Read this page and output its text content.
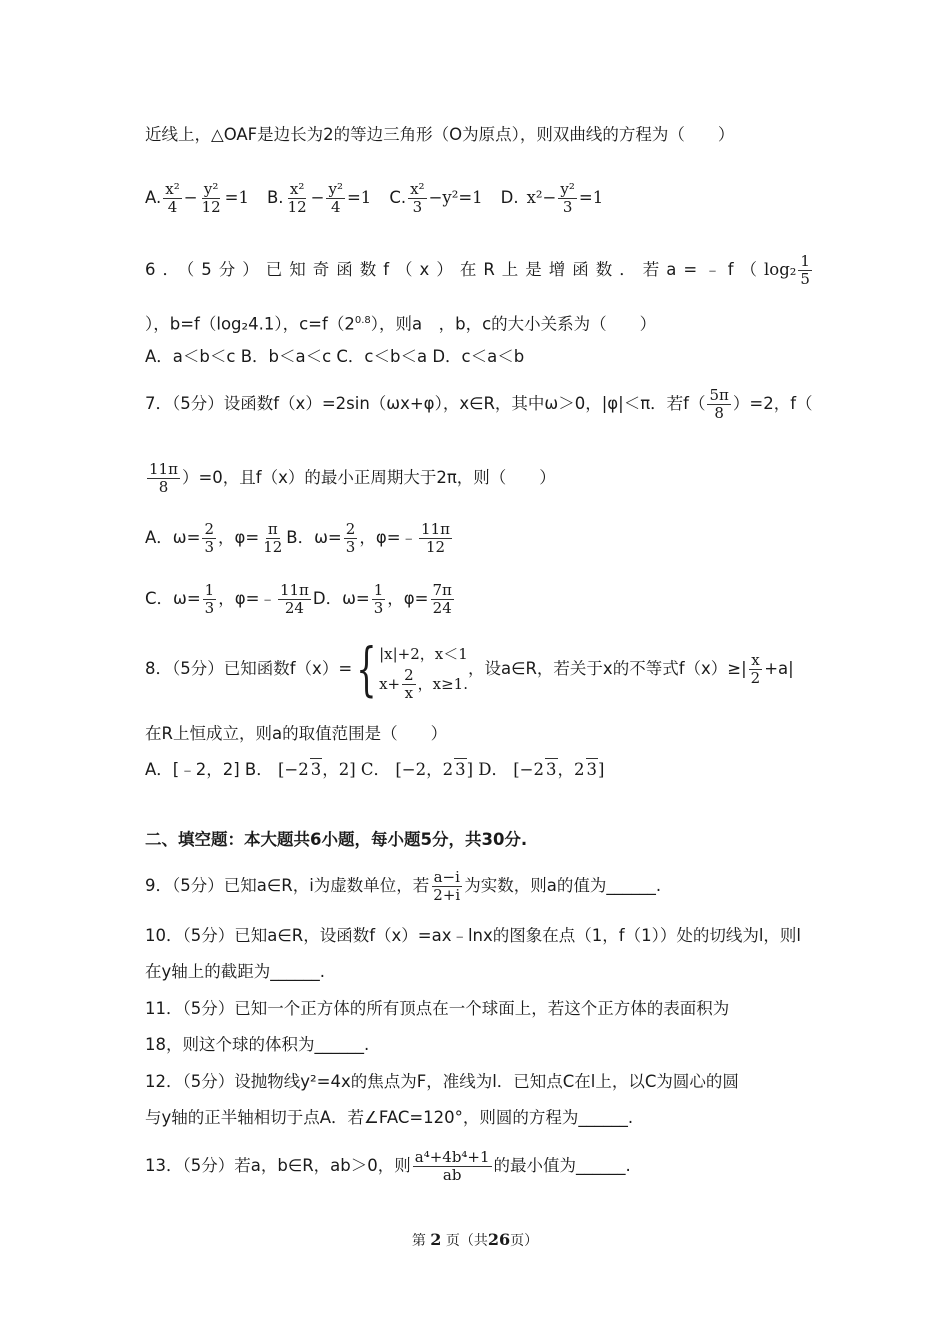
近线上，△OAF是边长为2的等边三角形（O为原点），则双曲线的方程为（　　）
A. $\frac{\text{x²}}{4} - \frac{\text{y²}}{12} =1$ B. $\frac{\text{x²}}{12} - \frac{\text{y²}}{4} =1$ C. $\frac{\text{x²}}{3} -y^2=1$ D. $x^2- \frac{\text{y²}}{3} =1$
6．（5分）已知奇函数f（x）在R上是增函数．若a=﹣f（ $\log_2 \frac{1}{5}$
），b=f（log₂4.1），$c=f(2^{0.8})$，则a　，b，c的大小关系为（　　）
A．a＜b＜c B．b＜a＜c C．c＜b＜a D．c＜a＜b
7．（5分）设函数f（x）=2sin（ωx+φ），x∈R，其中ω＞0，|φ|＜π．若$f( \frac{5\pi}{8} )=2$，f（
$\frac{11\pi}{8} )=0$，且f（x）的最小正周期大于2π，则（　　）
A．$\omega= \frac{2}{3}$ ，$\varphi= \frac{\pi}{12}$ B．$\omega= \frac{2}{3}$ ，φ=﹣ $\frac{11\pi}{12}$
C．$\omega= \frac{1}{3}$ ，φ=﹣ $\frac{11\pi}{24}$ D．$\omega= \frac{1}{3}$ ，$\varphi= \frac{7\pi}{24}$
8．（5分）已知函数f（x）= { |x|+2，x＜1
$x+ \frac{2}{x}$ ，x≥1.
，设a∈R，若关于x的不等式$f(x)\ge| \frac{x}{2} +a|$
在R上恒成立，则a的取值范围是（　　）
A．[﹣2，2] B． [−2 3，2] C． [−2，2 3] D． [−2 3，2 3]
二、填空题：本大题共6小题，每小题5分，共30分.
9．（5分）已知a∈R，i为虚数单位，若 $\frac{a-i}{2+i}$ 为实数，则a的值为______.
10．（5分）已知a∈R，设函数f（x）=ax﹣lnx的图象在点（1，f（1））处的切线为l，则l
在y轴上的截距为______.
11．（5分）已知一个正方体的所有顶点在一个球面上，若这个正方体的表面积为
18，则这个球的体积为______.
12．（5分）设抛物线y²=4x的焦点为F，准线为l．已知点C在l上，以C为圆心的圆
与y轴的正半轴相切于点A．若∠FAC=120°，则圆的方程为______.
13．（5分）若a，b∈R，ab＞0，则 $\frac{\text{a⁴+4b⁴+1}}{ab}$ 的最小值为______.
第 2 页（共26页）
